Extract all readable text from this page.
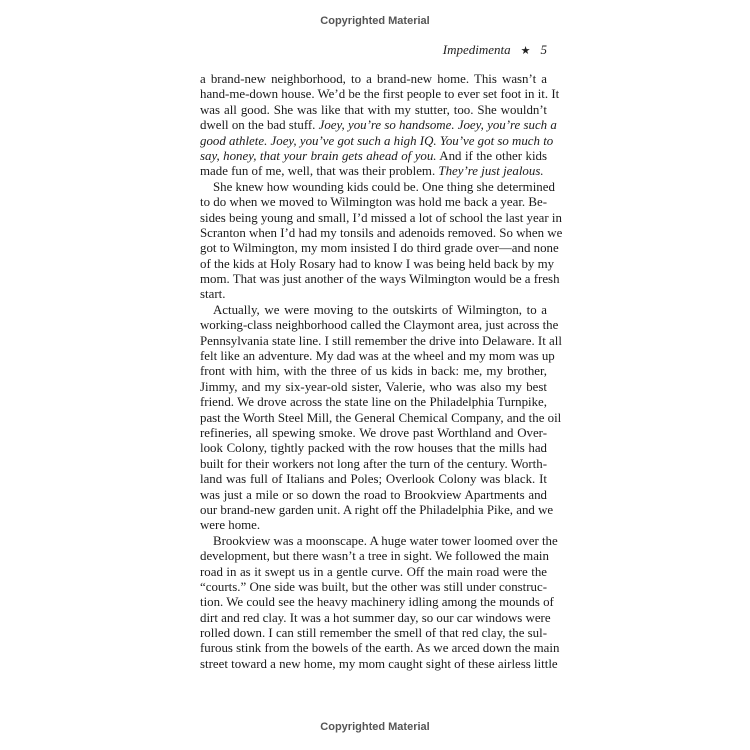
Copyrighted Material
Impedimenta ★ 5
a brand-new neighborhood, to a brand-new home. This wasn’t a
hand-me-down house. We’d be the first people to ever set foot in it. It
was all good. She was like that with my stutter, too. She wouldn’t
dwell on the bad stuff. Joey, you’re so handsome. Joey, you’re such a
good athlete. Joey, you’ve got such a high IQ. You’ve got so much to
say, honey, that your brain gets ahead of you. And if the other kids
made fun of me, well, that was their problem. They’re just jealous.
She knew how wounding kids could be. One thing she determined
to do when we moved to Wilmington was hold me back a year. Be-
sides being young and small, I’d missed a lot of school the last year in
Scranton when I’d had my tonsils and adenoids removed. So when we
got to Wilmington, my mom insisted I do third grade over—and none
of the kids at Holy Rosary had to know I was being held back by my
mom. That was just another of the ways Wilmington would be a fresh
start.
Actually, we were moving to the outskirts of Wilmington, to a
working-class neighborhood called the Claymont area, just across the
Pennsylvania state line. I still remember the drive into Delaware. It all
felt like an adventure. My dad was at the wheel and my mom was up
front with him, with the three of us kids in back: me, my brother,
Jimmy, and my six-year-old sister, Valerie, who was also my best
friend. We drove across the state line on the Philadelphia Turnpike,
past the Worth Steel Mill, the General Chemical Company, and the oil
refineries, all spewing smoke. We drove past Worthland and Over-
look Colony, tightly packed with the row houses that the mills had
built for their workers not long after the turn of the century. Worth-
land was full of Italians and Poles; Overlook Colony was black. It
was just a mile or so down the road to Brookview Apartments and
our brand-new garden unit. A right off the Philadelphia Pike, and we
were home.
Brookview was a moonscape. A huge water tower loomed over the
development, but there wasn’t a tree in sight. We followed the main
road in as it swept us in a gentle curve. Off the main road were the
“courts.” One side was built, but the other was still under construc-
tion. We could see the heavy machinery idling among the mounds of
dirt and red clay. It was a hot summer day, so our car windows were
rolled down. I can still remember the smell of that red clay, the sul-
furous stink from the bowels of the earth. As we arced down the main
street toward a new home, my mom caught sight of these airless little
Copyrighted Material
